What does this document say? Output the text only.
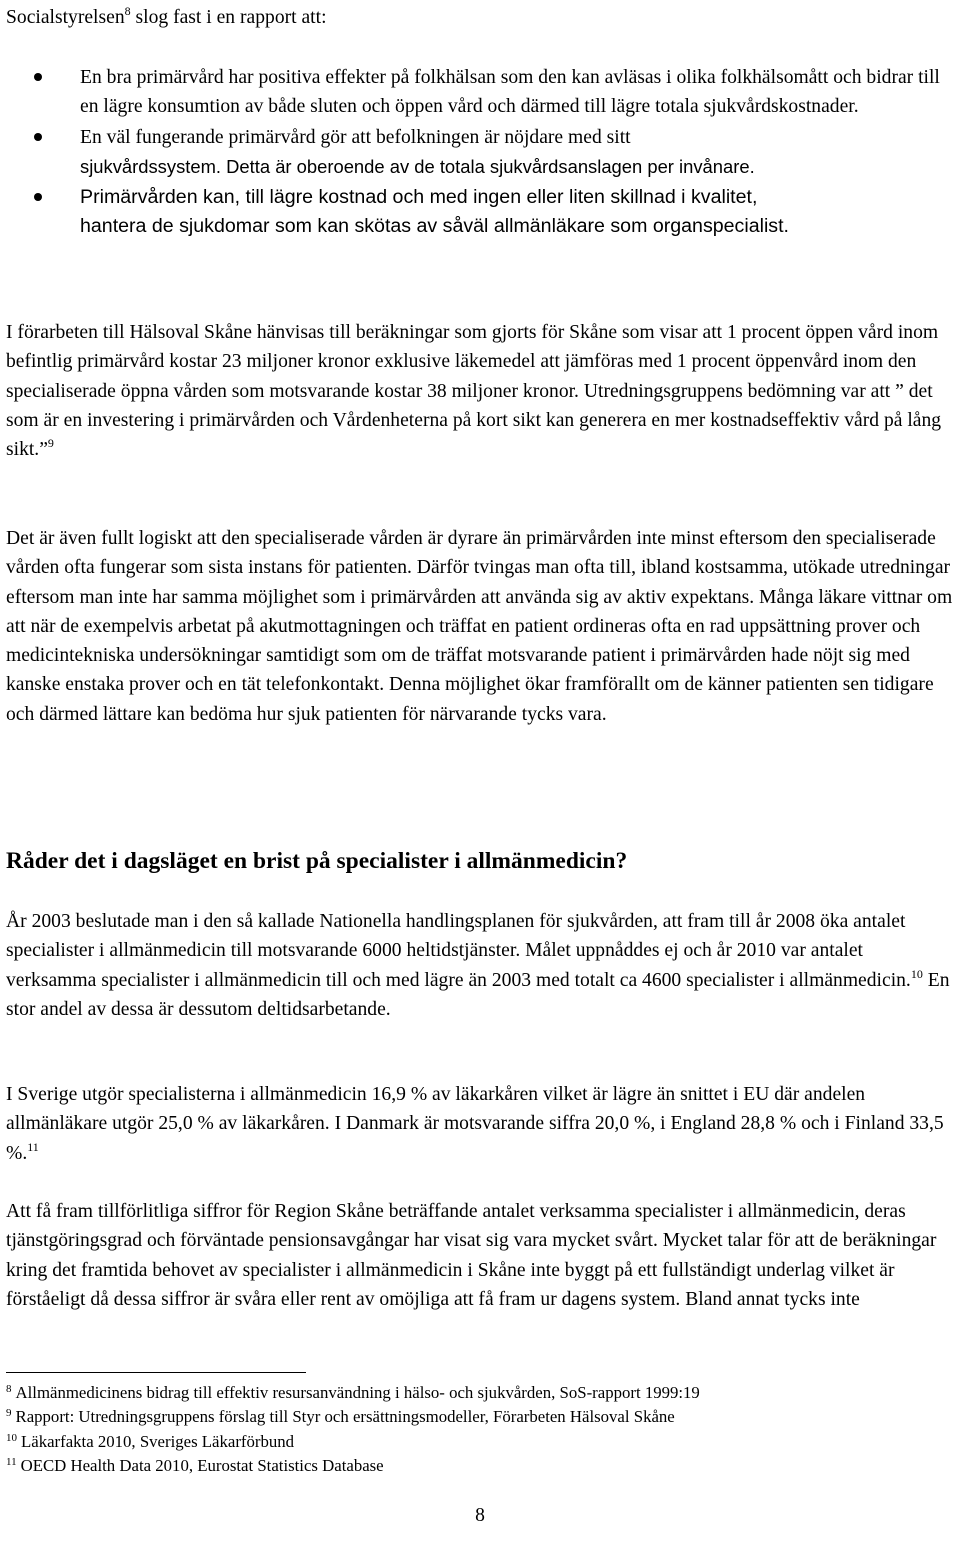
Socialstyrelsen$^8$ slog fast i en rapport att:

En bra primärvård har positiva effekter på folkhälsan som den kan avläsas i olika folkhälsomått och bidrar till en lägre konsumtion av både sluten och öppen vård och därmed till lägre totala sjukvårdskostnader.
En väl fungerande primärvård gör att befolkningen är nöjdare med sitt
sjukvårdssystem. Detta är oberoende av de totala sjukvårdsanslagen per invånare.
Primärvården kan, till lägre kostnad och med ingen eller liten skillnad i kvalitet,
hantera de sjukdomar som kan skötas av såväl allmänläkare som organspecialist.

I förarbeten till Hälsoval Skåne hänvisas till beräkningar som gjorts för Skåne som visar att 1 procent öppen vård inom befintlig primärvård kostar 23 miljoner kronor exklusive läkemedel att jämföras med 1 procent öppenvård inom den specialiserade öppna vården som motsvarande kostar 38 miljoner kronor. Utredningsgruppens bedömning var att ” det som är en investering i primärvården och Vårdenheterna på kort sikt kan generera en mer kostnadseffektiv vård på lång sikt.”$^9$

Det är även fullt logiskt att den specialiserade vården är dyrare än primärvården inte minst eftersom den specialiserade vården ofta fungerar som sista instans för patienten. Därför tvingas man ofta till, ibland kostsamma, utökade utredningar eftersom man inte har samma möjlighet som i primärvården att använda sig av aktiv expektans. Många läkare vittnar om att när de exempelvis arbetat på akutmottagningen och träffat en patient ordineras ofta en rad uppsättning prover och medicintekniska undersökningar samtidigt som om de träffat motsvarande patient i primärvården hade nöjt sig med kanske enstaka prover och en tät telefonkontakt. Denna möjlighet ökar framförallt om de känner patienten sen tidigare och därmed lättare kan bedöma hur sjuk patienten för närvarande tycks vara.

Råder det i dagsläget en brist på specialister i allmänmedicin?

År 2003 beslutade man i den så kallade Nationella handlingsplanen för sjukvården, att fram till år 2008 öka antalet specialister i allmänmedicin till motsvarande 6000 heltidstjänster. Målet uppnåddes ej och år 2010 var antalet verksamma specialister i allmänmedicin till och med lägre än 2003 med totalt ca 4600 specialister i allmänmedicin.$^{10}$ En stor andel av dessa är dessutom deltidsarbetande.

I Sverige utgör specialisterna i allmänmedicin 16,9 % av läkarkåren vilket är lägre än snittet i EU där andelen allmänläkare utgör 25,0 % av läkarkåren. I Danmark är motsvarande siffra 20,0 %, i England 28,8 % och i Finland 33,5 %.$^{11}$

Att få fram tillförlitliga siffror för Region Skåne beträffande antalet verksamma specialister i allmänmedicin, deras tjänstgöringsgrad och förväntade pensionsavgångar har visat sig vara mycket svårt. Mycket talar för att de beräkningar kring det framtida behovet av specialister i allmänmedicin i Skåne inte byggt på ett fullständigt underlag vilket är förståeligt då dessa siffror är svåra eller rent av omöjliga att få fram ur dagens system. Bland annat tycks inte

$^8$ Allmänmedicinens bidrag till effektiv resursanvändning i hälso- och sjukvården, SoS-rapport 1999:19
$^9$ Rapport: Utredningsgruppens förslag till Styr och ersättningsmodeller, Förarbeten Hälsoval Skåne
$^{10}$ Läkarfakta 2010, Sveriges Läkarförbund
$^{11}$ OECD Health Data 2010, Eurostat Statistics Database
8
